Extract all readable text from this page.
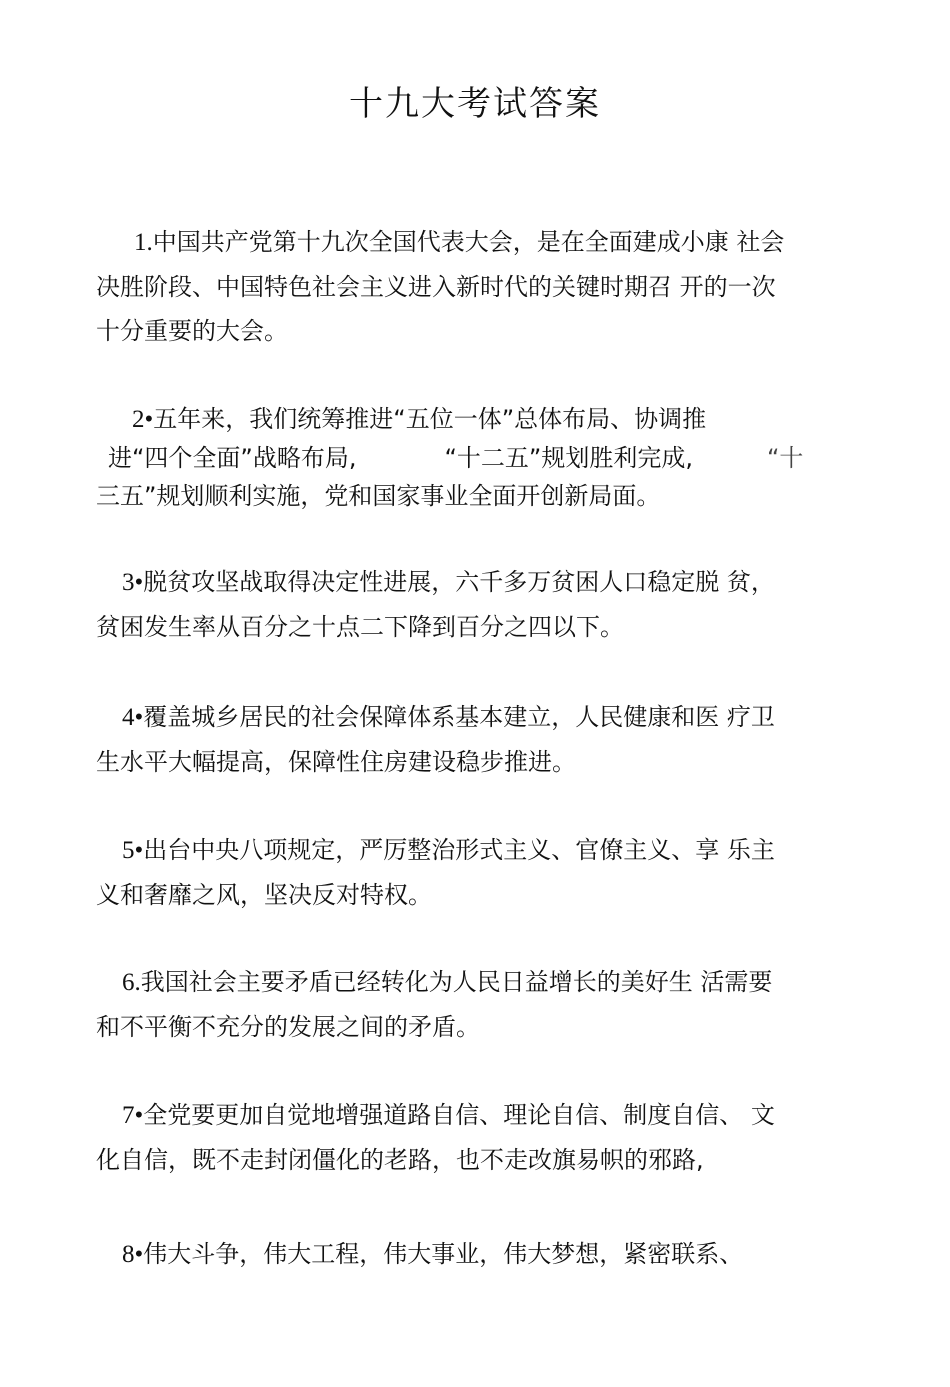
十九大考试答案

1.中国共产党第十九次全国代表大会，是在全面建成小康 社会
决胜阶段、中国特色社会主义进入新时代的关键时期召 开的一次
十分重要的大会。

2•五年来，我们统筹推进“五位一体”总体布局、协调推
进“四个全面”战略布局,	“十二五”规划胜利完成,	“十
三五”规划顺利实施，党和国家事业全面开创新局面。

3•脱贫攻坚战取得决定性进展，六千多万贫困人口稳定脱 贫，
贫困发生率从百分之十点二下降到百分之四以下。

4•覆盖城乡居民的社会保障体系基本建立，人民健康和医 疗卫
生水平大幅提高，保障性住房建设稳步推进。

5•出台中央八项规定，严厉整治形式主义、官僚主义、享 乐主
义和奢靡之风，坚决反对特权。

6.我国社会主要矛盾已经转化为人民日益增长的美好生 活需要
和不平衡不充分的发展之间的矛盾。

7•全党要更加自觉地增强道路自信、理论自信、制度自信、 文
化自信，既不走封闭僵化的老路，也不走改旗易帜的邪路,

8•伟大斗争，伟大工程，伟大事业，伟大梦想，紧密联系、
